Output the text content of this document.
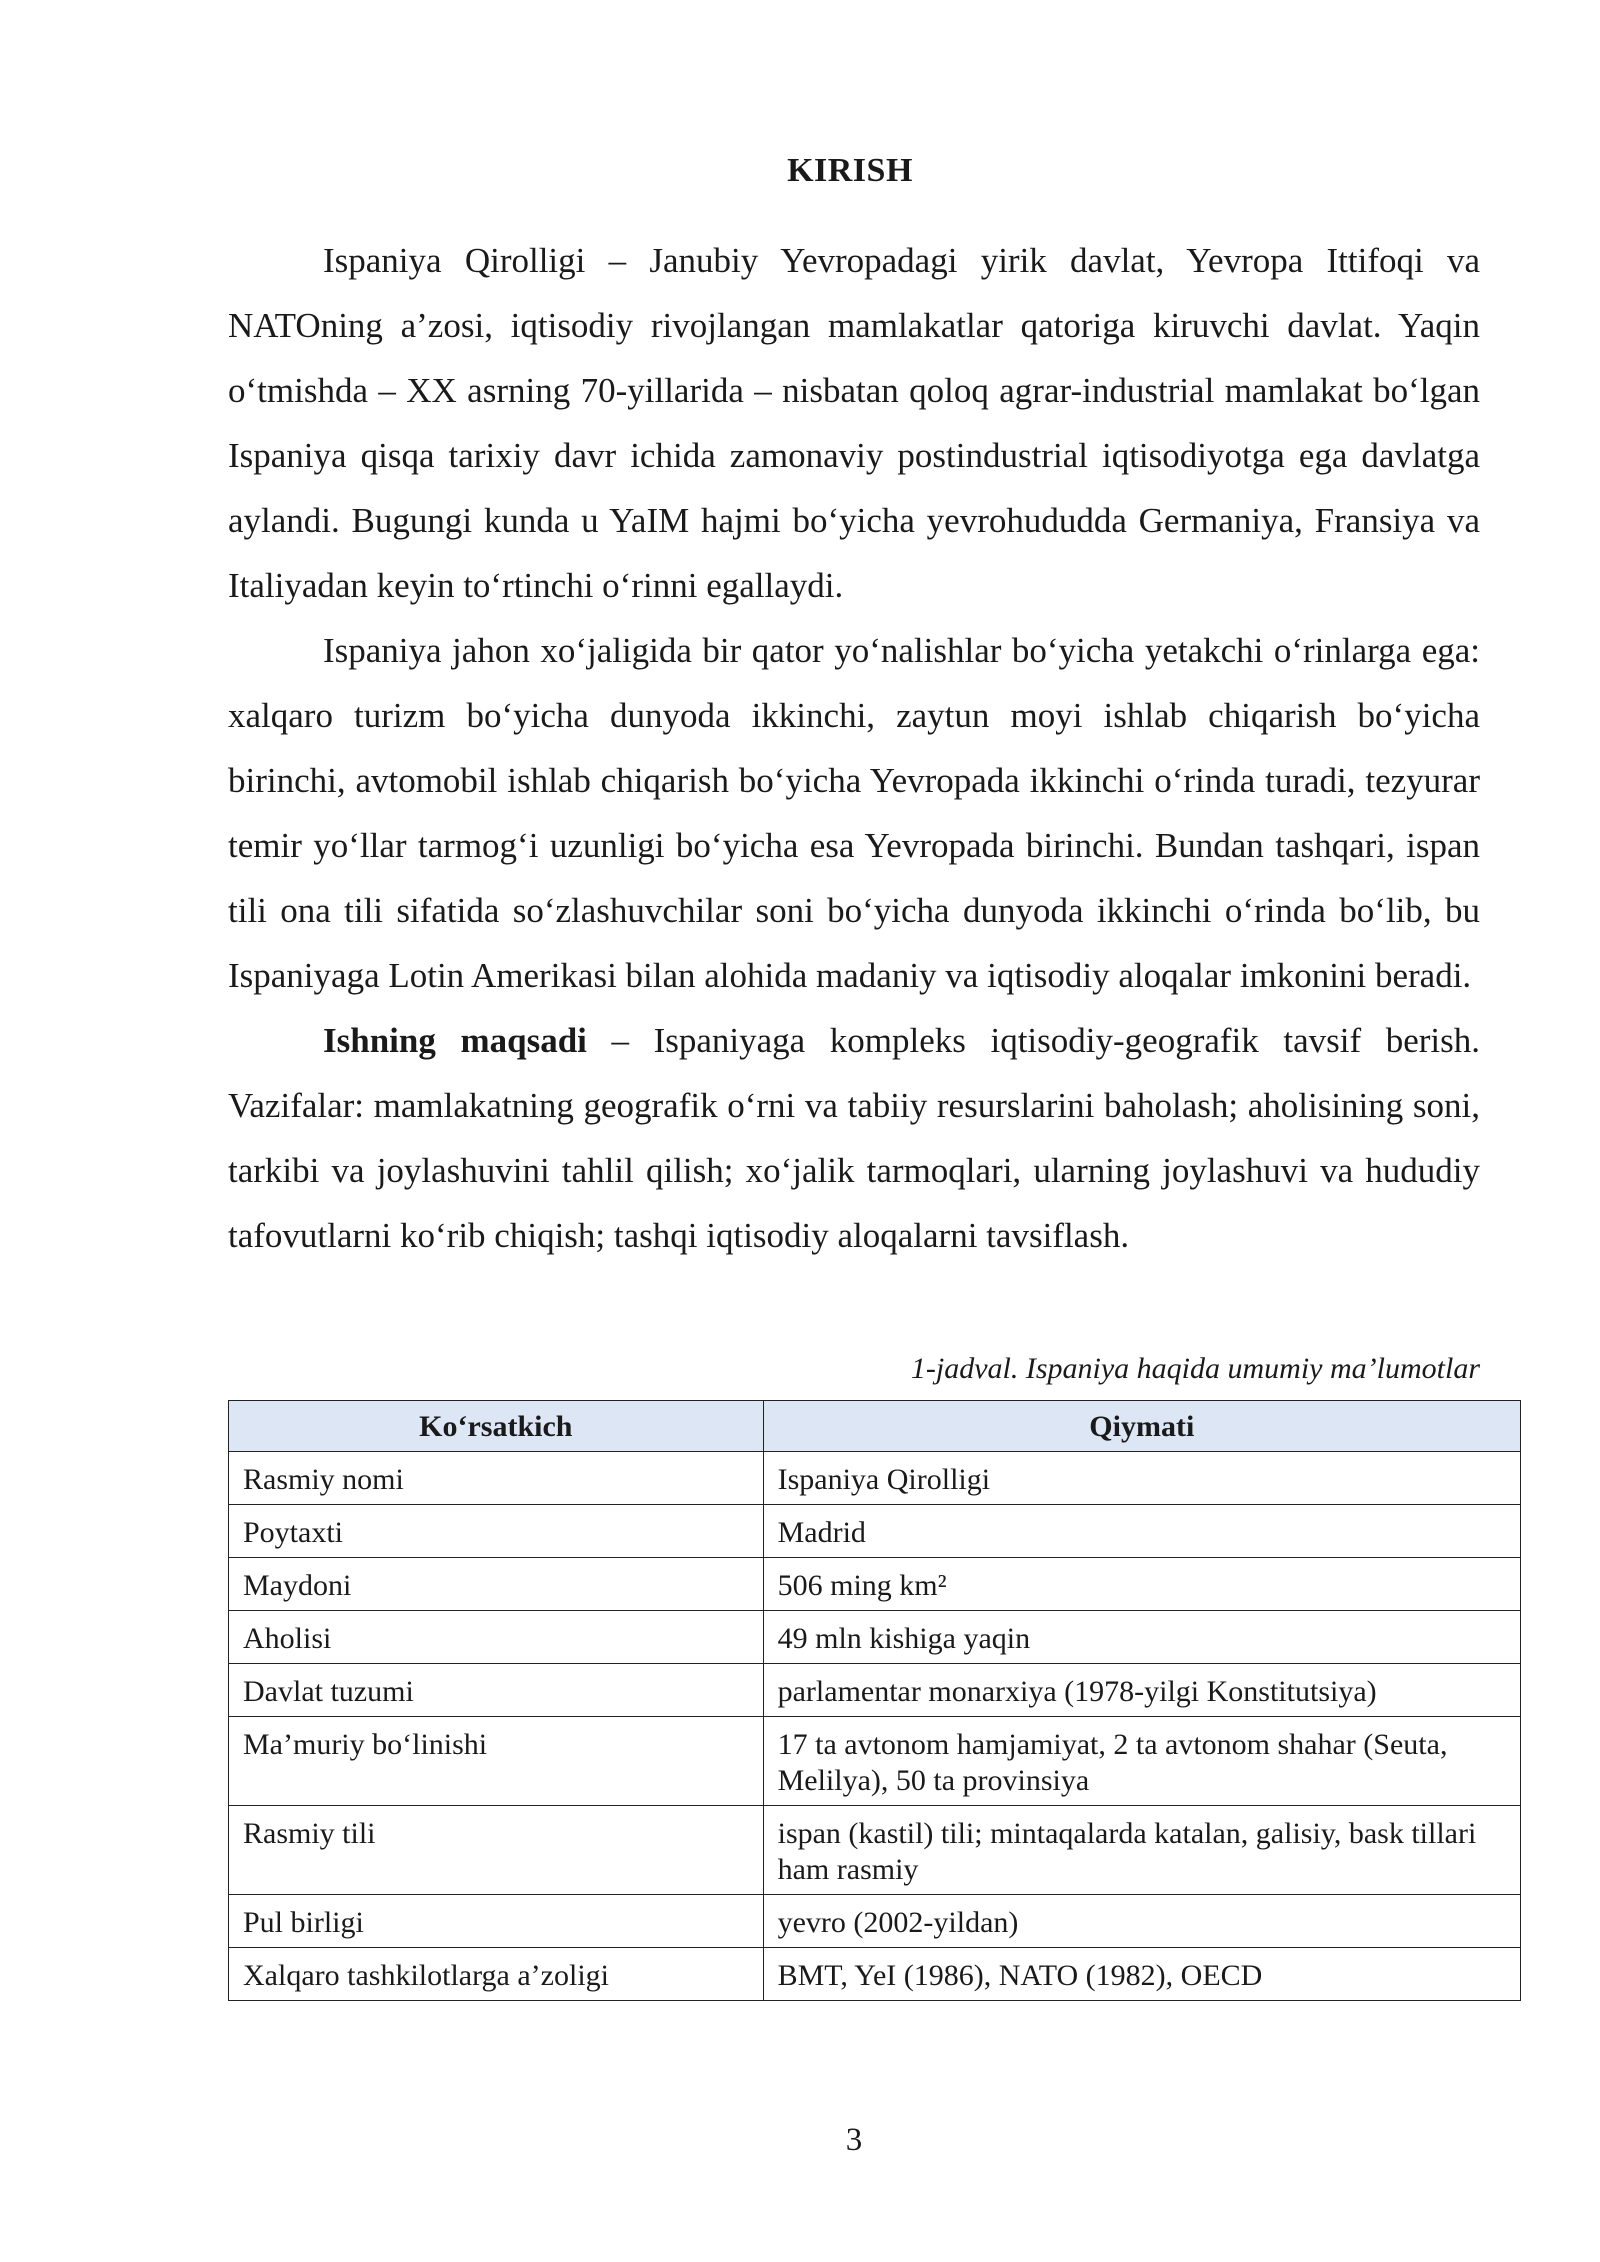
KIRISH

Ispaniya Qirolligi – Janubiy Yevropadagi yirik davlat, Yevropa Ittifoqi va NATOning a’zosi, iqtisodiy rivojlangan mamlakatlar qatoriga kiruvchi davlat. Yaqin o‘tmishda – XX asrning 70-yillarida – nisbatan qoloq agrar-industrial mamlakat bo‘lgan Ispaniya qisqa tarixiy davr ichida zamonaviy postindustrial iqtisodiyotga ega davlatga aylandi. Bugungi kunda u YaIM hajmi bo‘yicha yevrohududda Germaniya, Fransiya va Italiyadan keyin to‘rtinchi o‘rinni egallaydi.

Ispaniya jahon xo‘jaligida bir qator yo‘nalishlar bo‘yicha yetakchi o‘rinlarga ega: xalqaro turizm bo‘yicha dunyoda ikkinchi, zaytun moyi ishlab chiqarish bo‘yicha birinchi, avtomobil ishlab chiqarish bo‘yicha Yevropada ikkinchi o‘rinda turadi, tezyurar temir yo‘llar tarmog‘i uzunligi bo‘yicha esa Yevropada birinchi. Bundan tashqari, ispan tili ona tili sifatida so‘zlashuvchilar soni bo‘yicha dunyoda ikkinchi o‘rinda bo‘lib, bu Ispaniyaga Lotin Amerikasi bilan alohida madaniy va iqtisodiy aloqalar imkonini beradi.

Ishning maqsadi – Ispaniyaga kompleks iqtisodiy-geografik tavsif berish. Vazifalar: mamlakatning geografik o‘rni va tabiiy resurslarini baholash; aholisining soni, tarkibi va joylashuvini tahlil qilish; xo‘jalik tarmoqlari, ularning joylashuvi va hududiy tafovutlarni ko‘rib chiqish; tashqi iqtisodiy aloqalarni tavsiflash.

1-jadval. Ispaniya haqida umumiy ma’lumotlar
Ko‘rsatkich	Qiymati
Rasmiy nomi	Ispaniya Qirolligi
Poytaxti	Madrid
Maydoni	506 ming km²
Aholisi	49 mln kishiga yaqin
Davlat tuzumi	parlamentar monarxiya (1978-yilgi Konstitutsiya)
Ma’muriy bo‘linishi	17 ta avtonom hamjamiyat, 2 ta avtonom shahar (Seuta, Melilya), 50 ta provinsiya
Rasmiy tili	ispan (kastil) tili; mintaqalarda katalan, galisiy, bask tillari ham rasmiy
Pul birligi	yevro (2002-yildan)
Xalqaro tashkilotlarga a’zoligi	BMT, YeI (1986), NATO (1982), OECD
3
